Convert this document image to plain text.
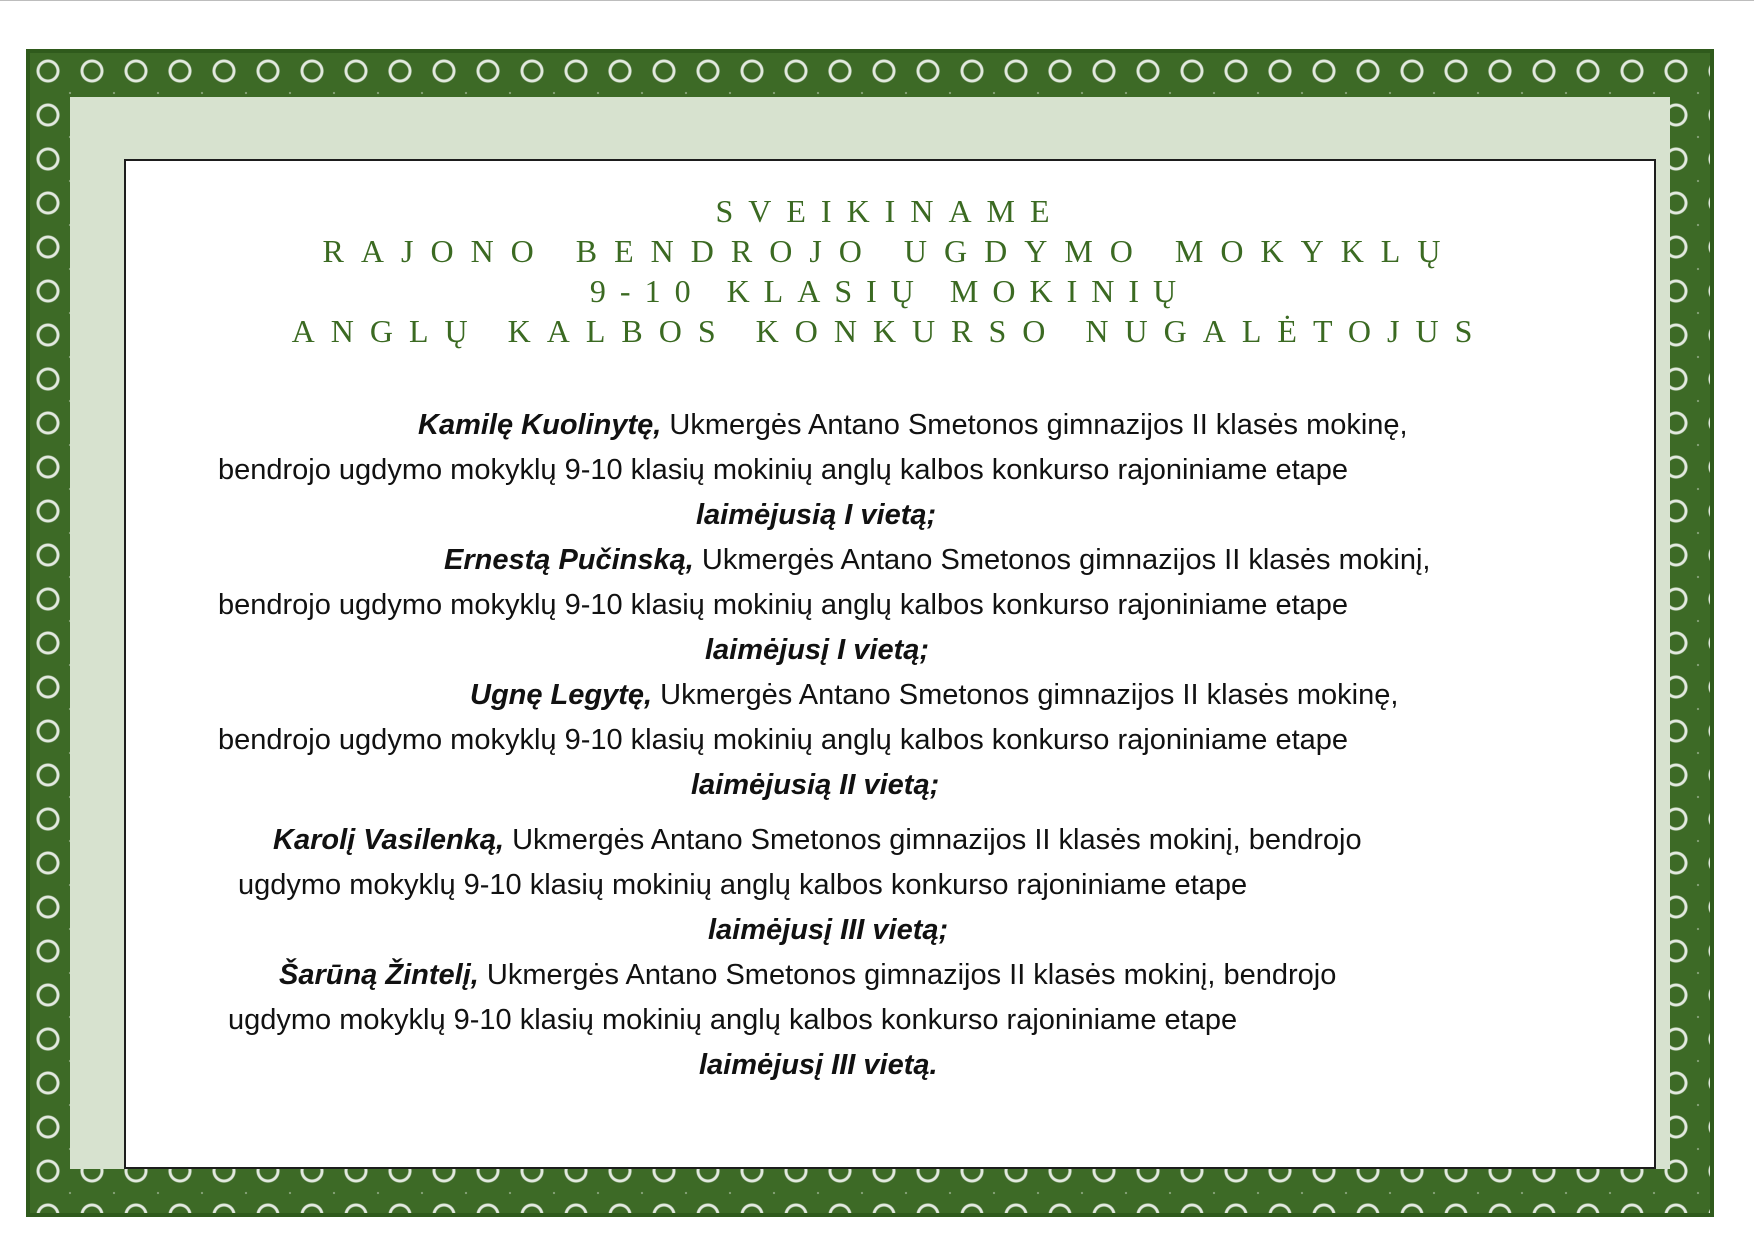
SVEIKINAME
RAJONO BENDROJO UGDYMO MOKYKLŲ
9-10 KLASIŲ MOKINIŲ
ANGLŲ KALBOS KONKURSO NUGALĖTOJUS
Kamilę Kuolinytę, Ukmergės Antano Smetonos gimnazijos II klasės mokinę,
bendrojo ugdymo mokyklų 9-10 klasių mokinių anglų kalbos konkurso rajoniniame etape
laimėjusią I vietą;
Ernestą Pučinską, Ukmergės Antano Smetonos gimnazijos II klasės mokinį,
bendrojo ugdymo mokyklų 9-10 klasių mokinių anglų kalbos konkurso rajoniniame etape
laimėjusį I vietą;
Ugnę Legytę, Ukmergės Antano Smetonos gimnazijos II klasės mokinę,
bendrojo ugdymo mokyklų 9-10 klasių mokinių anglų kalbos konkurso rajoniniame etape
laimėjusią II vietą;
Karolį Vasilenką, Ukmergės Antano Smetonos gimnazijos II klasės mokinį, bendrojo
ugdymo mokyklų 9-10 klasių mokinių anglų kalbos konkurso rajoniniame etape
laimėjusį III vietą;
Šarūną Žintelį, Ukmergės Antano Smetonos gimnazijos II klasės mokinį, bendrojo
ugdymo mokyklų 9-10 klasių mokinių anglų kalbos konkurso rajoniniame etape
laimėjusį III vietą.
